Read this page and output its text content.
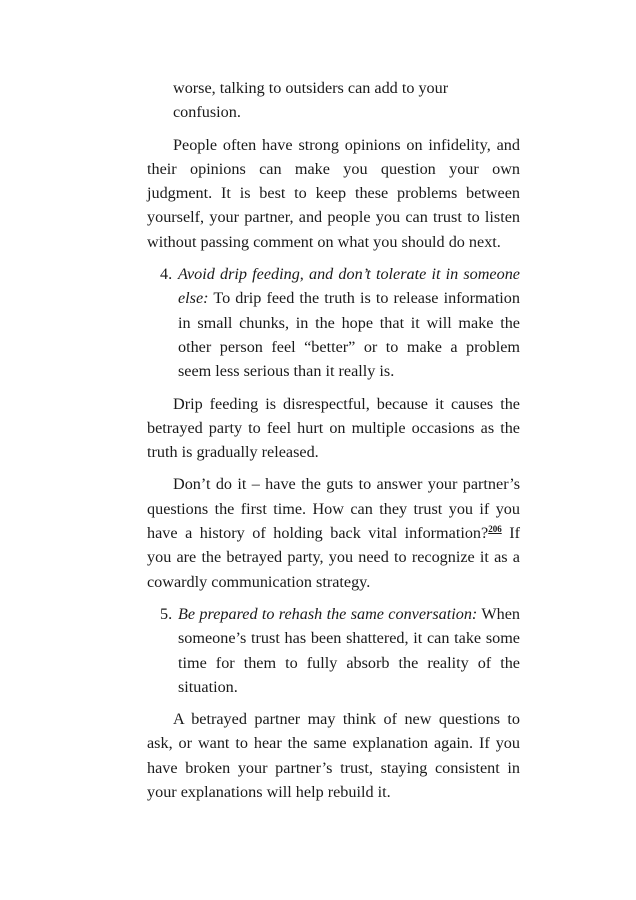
worse, talking to outsiders can add to your confusion.

People often have strong opinions on infidelity, and their opinions can make you question your own judgment. It is best to keep these problems between yourself, your partner, and people you can trust to listen without passing comment on what you should do next.

4. Avoid drip feeding, and don’t tolerate it in someone else: To drip feed the truth is to release information in small chunks, in the hope that it will make the other person feel “better” or to make a problem seem less serious than it really is.

Drip feeding is disrespectful, because it causes the betrayed party to feel hurt on multiple occasions as the truth is gradually released.

Don’t do it – have the guts to answer your partner’s questions the first time. How can they trust you if you have a history of holding back vital information?$^{206}$ If you are the betrayed party, you need to recognize it as a cowardly communication strategy.

5. Be prepared to rehash the same conversation: When someone’s trust has been shattered, it can take some time for them to fully absorb the reality of the situation.

A betrayed partner may think of new questions to ask, or want to hear the same explanation again. If you have broken your partner’s trust, staying consistent in your explanations will help rebuild it.
